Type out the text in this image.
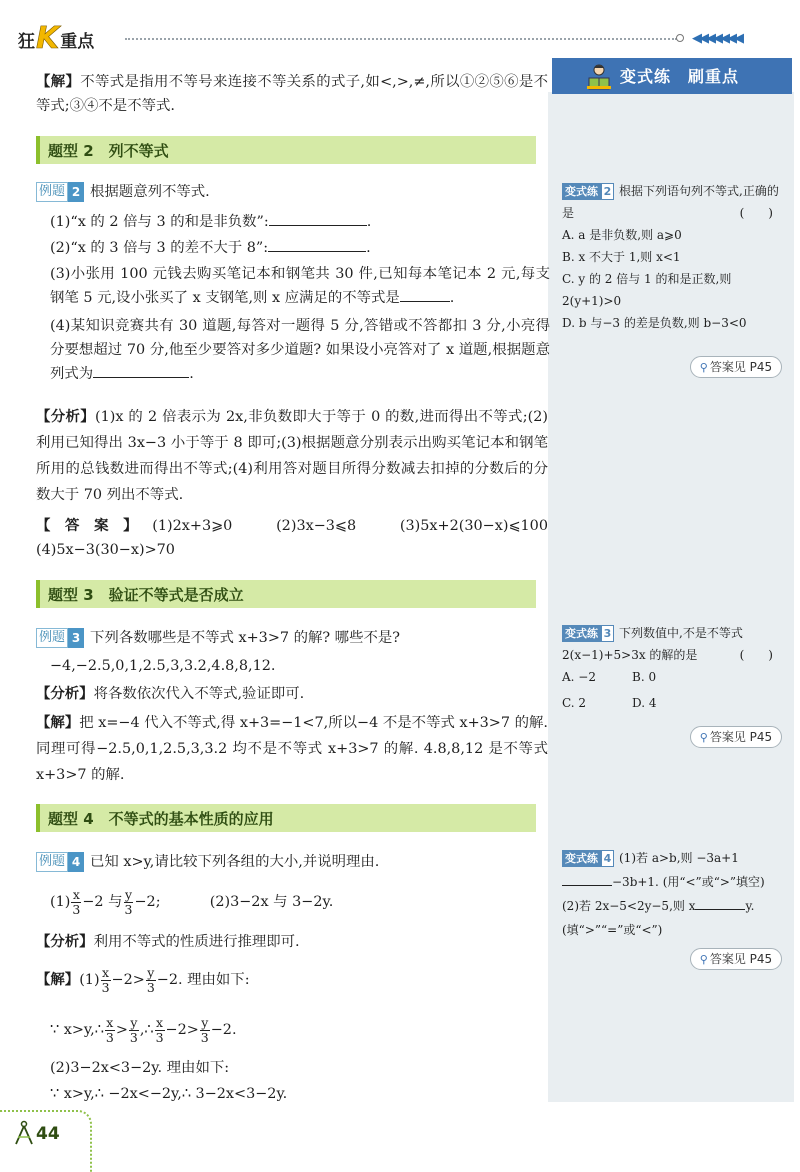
狂 K 重点	◀◀◀◀◀◀◀
变式练　刷重点
【解】不等式是指用不等号来连接不等关系的式子,如<,>,≠,所以①②⑤⑥是不等式;③④不是不等式.
题型 2　列不等式
例题 2 根据题意列不等式.
(1)“x 的 2 倍与 3 的和是非负数”:	.
(2)“x 的 3 倍与 3 的差不大于 8”:	.
(3)小张用 100 元钱去购买笔记本和钢笔共 30 件,已知每本笔记本 2 元,每支钢笔 5 元,设小张买了 x 支钢笔,则 x 应满足的不等式是	.
(4)某知识竞赛共有 30 道题,每答对一题得 5 分,答错或不答都扣 3 分,小亮得分要想超过 70 分,他至少要答对多少道题? 如果设小亮答对了 x 道题,根据题意列式为	.
【分析】(1)x 的 2 倍表示为 2x,非负数即大于等于 0 的数,进而得出不等式;(2)利用已知得出 3x−3 小于等于 8 即可;(3)根据题意分别表示出购买笔记本和钢笔所用的总钱数进而得出不等式;(4)利用答对题目所得分数减去扣掉的分数后的分数大于 70 列出不等式.
【答案】(1)2x+3⩾0　(2)3x−3⩽8　(3)5x+2(30−x)⩽100　(4)5x−3(30−x)>70
题型 3　验证不等式是否成立
例题 3 下列各数哪些是不等式 x+3>7 的解? 哪些不是?
−4,−2.5,0,1,2.5,3,3.2,4.8,8,12.
【分析】将各数依次代入不等式,验证即可.
【解】把 x=−4 代入不等式,得 x+3=−1<7,所以−4 不是不等式 x+3>7 的解. 同理可得−2.5,0,1,2.5,3,3.2 均不是不等式 x+3>7 的解. 4.8,8,12 是不等式 x+3>7 的解.
题型 4　不等式的基本性质的应用
例题 4 已知 x>y,请比较下列各组的大小,并说明理由.
$(1) \frac{x}{3} -2$ 与 $\frac{y}{3} -2$;	(2)3−2x 与 3−2y.
【分析】利用不等式的性质进行推理即可.
【解】$(1) \frac{x}{3} -2> \frac{y}{3} -2$. 理由如下:
∵ x>y,∴ $\frac{x}{3} > \frac{y}{3}$ ,∴ $\frac{x}{3} -2> \frac{y}{3} -2$.
(2)3−2x<3−2y. 理由如下:
∵ x>y,∴ −2x<−2y,∴ 3−2x<3−2y.
变式练 2 根据下列语句列不等式,正确的是	(　　)
A. a 是非负数,则 a⩾0
B. x 不大于 1,则 x<1
C. y 的 2 倍与 1 的和是正数,则 2(y+1)>0
D. b 与−3 的差是负数,则 b−3<0
⚲ 答案见 P45
变式练 3 下列数值中,不是不等式 2(x−1)+5>3x 的解的是	(　　)
A. −2	B. 0
C. 2	D. 4
⚲ 答案见 P45
变式练 4 (1)若 a>b,则 −3a+1
−3b+1. (用“<”或“>”填空)
(2)若 2x−5<2y−5,则 x	y.
(填“>”“=”或“<”)
⚲ 答案见 P45
44
